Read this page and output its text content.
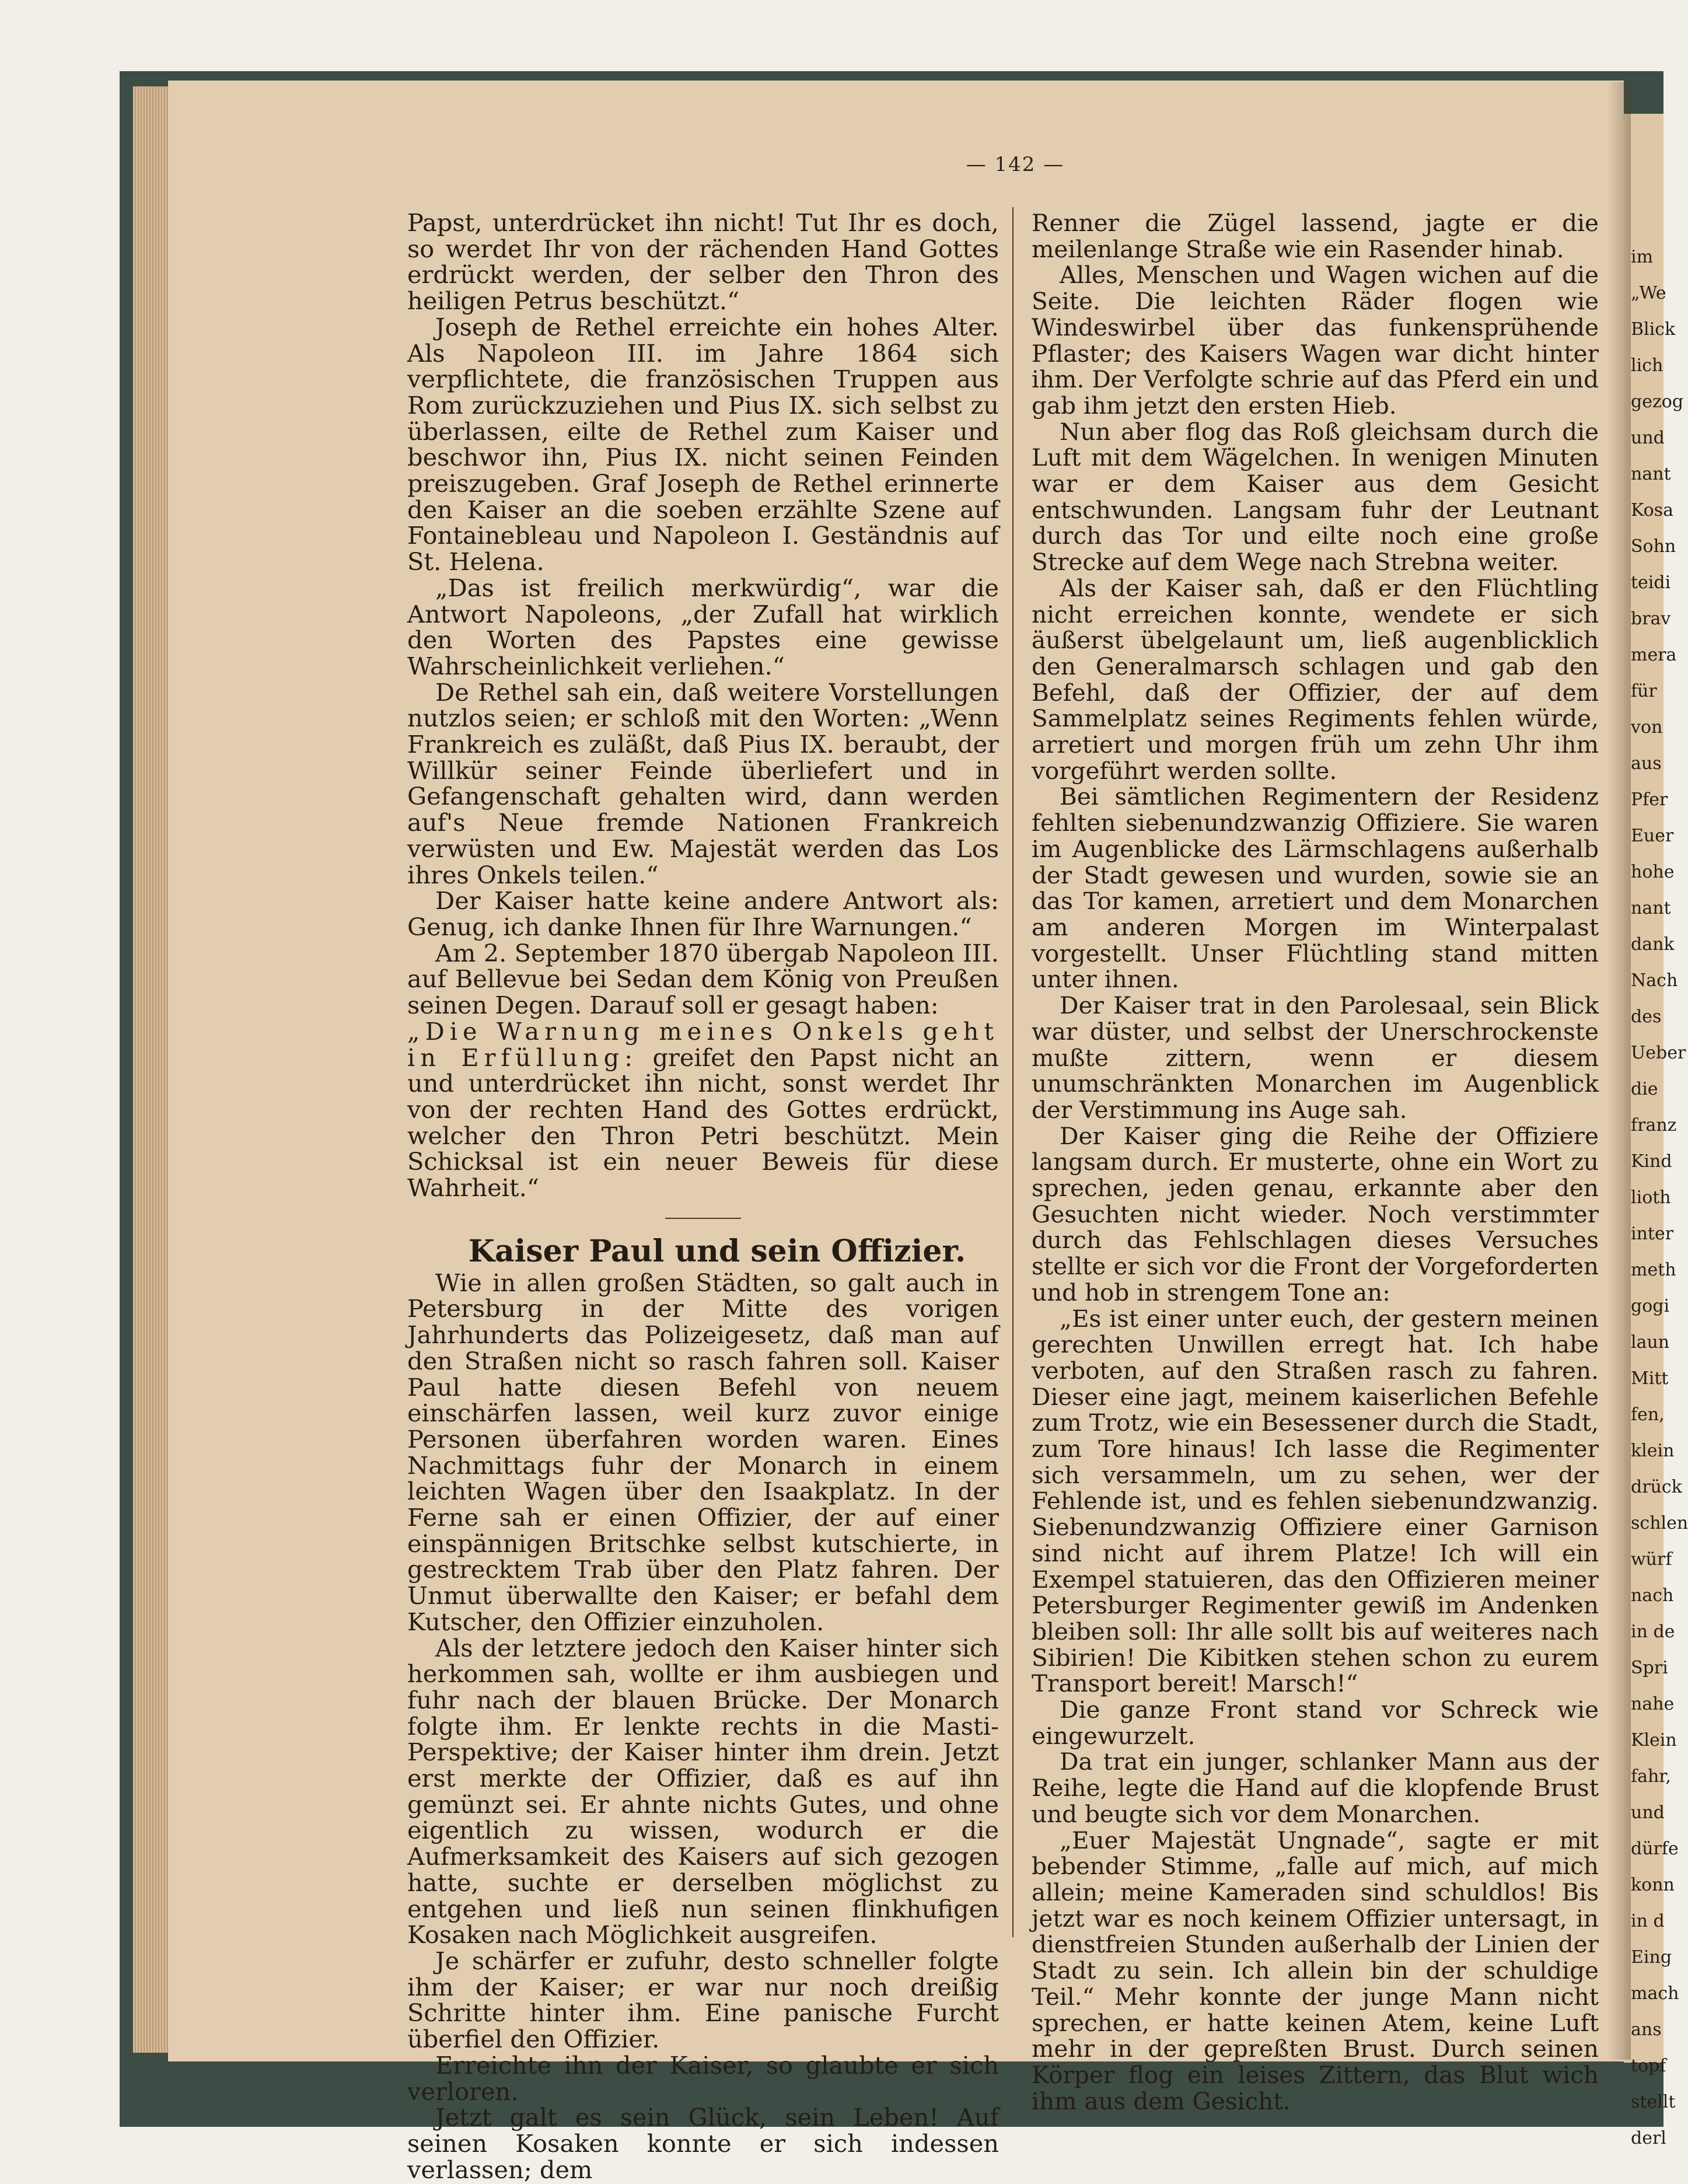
— 142 —

Papst, unterdrücket ihn nicht! Tut Ihr es doch, so werdet Ihr von der rächenden Hand Gottes erdrückt werden, der selber den Thron des heiligen Petrus beschützt.“

Joseph de Rethel erreichte ein hohes Alter. Als Napoleon III. im Jahre 1864 sich verpflichtete, die französischen Truppen aus Rom zurückzuziehen und Pius IX. sich selbst zu überlassen, eilte de Rethel zum Kaiser und beschwor ihn, Pius IX. nicht seinen Feinden preiszugeben. Graf Joseph de Rethel erinnerte den Kaiser an die soeben erzählte Szene auf Fontainebleau und Napoleon I. Geständnis auf St. Helena.

„Das ist freilich merkwürdig“, war die Antwort Napoleons, „der Zufall hat wirklich den Worten des Papstes eine gewisse Wahrscheinlichkeit verliehen.“

De Rethel sah ein, daß weitere Vorstellungen nutzlos seien; er schloß mit den Worten: „Wenn Frankreich es zuläßt, daß Pius IX. beraubt, der Willkür seiner Feinde überliefert und in Gefangenschaft gehalten wird, dann werden auf's Neue fremde Nationen Frankreich verwüsten und Ew. Majestät werden das Los ihres Onkels teilen.“

Der Kaiser hatte keine andere Antwort als: Genug, ich danke Ihnen für Ihre Warnungen.“

Am 2. September 1870 übergab Napoleon III. auf Bellevue bei Sedan dem König von Preußen seinen Degen. Darauf soll er gesagt haben:

„Die Warnung meines Onkels geht in Erfüllung: greifet den Papst nicht an und unterdrücket ihn nicht, sonst werdet Ihr von der rechten Hand des Gottes erdrückt, welcher den Thron Petri beschützt. Mein Schicksal ist ein neuer Beweis für diese Wahrheit.“

Kaiser Paul und sein Offizier.

Wie in allen großen Städten, so galt auch in Petersburg in der Mitte des vorigen Jahrhunderts das Polizeigesetz, daß man auf den Straßen nicht so rasch fahren soll. Kaiser Paul hatte diesen Befehl von neuem einschärfen lassen, weil kurz zuvor einige Personen überfahren worden waren. Eines Nachmittags fuhr der Monarch in einem leichten Wagen über den Isaakplatz. In der Ferne sah er einen Offizier, der auf einer einspännigen Britschke selbst kutschierte, in gestrecktem Trab über den Platz fahren. Der Unmut überwallte den Kaiser; er befahl dem Kutscher, den Offizier einzuholen.

Als der letztere jedoch den Kaiser hinter sich herkommen sah, wollte er ihm ausbiegen und fuhr nach der blauen Brücke. Der Monarch folgte ihm. Er lenkte rechts in die Masti-Perspektive; der Kaiser hinter ihm drein. Jetzt erst merkte der Offizier, daß es auf ihn gemünzt sei. Er ahnte nichts Gutes, und ohne eigentlich zu wissen, wodurch er die Aufmerksamkeit des Kaisers auf sich gezogen hatte, suchte er derselben möglichst zu entgehen und ließ nun seinen flinkhufigen Kosaken nach Möglichkeit ausgreifen.

Je schärfer er zufuhr, desto schneller folgte ihm der Kaiser; er war nur noch dreißig Schritte hinter ihm. Eine panische Furcht überfiel den Offizier.

Erreichte ihn der Kaiser, so glaubte er sich verloren.

Jetzt galt es sein Glück, sein Leben! Auf seinen Kosaken konnte er sich indessen verlassen; dem

Renner die Zügel lassend, jagte er die meilenlange Straße wie ein Rasender hinab.

Alles, Menschen und Wagen wichen auf die Seite. Die leichten Räder flogen wie Windeswirbel über das funkensprühende Pflaster; des Kaisers Wagen war dicht hinter ihm. Der Verfolgte schrie auf das Pferd ein und gab ihm jetzt den ersten Hieb.

Nun aber flog das Roß gleichsam durch die Luft mit dem Wägelchen. In wenigen Minuten war er dem Kaiser aus dem Gesicht entschwunden. Langsam fuhr der Leutnant durch das Tor und eilte noch eine große Strecke auf dem Wege nach Strebna weiter.

Als der Kaiser sah, daß er den Flüchtling nicht erreichen konnte, wendete er sich äußerst übelgelaunt um, ließ augenblicklich den Generalmarsch schlagen und gab den Befehl, daß der Offizier, der auf dem Sammelplatz seines Regiments fehlen würde, arretiert und morgen früh um zehn Uhr ihm vorgeführt werden sollte.

Bei sämtlichen Regimentern der Residenz fehlten siebenundzwanzig Offiziere. Sie waren im Augenblicke des Lärmschlagens außerhalb der Stadt gewesen und wurden, sowie sie an das Tor kamen, arretiert und dem Monarchen am anderen Morgen im Winterpalast vorgestellt. Unser Flüchtling stand mitten unter ihnen.

Der Kaiser trat in den Parolesaal, sein Blick war düster, und selbst der Unerschrockenste mußte zittern, wenn er diesem unumschränkten Monarchen im Augenblick der Verstimmung ins Auge sah.

Der Kaiser ging die Reihe der Offiziere langsam durch. Er musterte, ohne ein Wort zu sprechen, jeden genau, erkannte aber den Gesuchten nicht wieder. Noch verstimmter durch das Fehlschlagen dieses Versuches stellte er sich vor die Front der Vorgeforderten und hob in strengem Tone an:

„Es ist einer unter euch, der gestern meinen gerechten Unwillen erregt hat. Ich habe verboten, auf den Straßen rasch zu fahren. Dieser eine jagt, meinem kaiserlichen Befehle zum Trotz, wie ein Besessener durch die Stadt, zum Tore hinaus! Ich lasse die Regimenter sich versammeln, um zu sehen, wer der Fehlende ist, und es fehlen siebenundzwanzig. Siebenundzwanzig Offiziere einer Garnison sind nicht auf ihrem Platze! Ich will ein Exempel statuieren, das den Offizieren meiner Petersburger Regimenter gewiß im Andenken bleiben soll: Ihr alle sollt bis auf weiteres nach Sibirien! Die Kibitken stehen schon zu eurem Transport bereit! Marsch!“

Die ganze Front stand vor Schreck wie eingewurzelt.

Da trat ein junger, schlanker Mann aus der Reihe, legte die Hand auf die klopfende Brust und beugte sich vor dem Monarchen.

„Euer Majestät Ungnade“, sagte er mit bebender Stimme, „falle auf mich, auf mich allein; meine Kameraden sind schuldlos! Bis jetzt war es noch keinem Offizier untersagt, in dienstfreien Stunden außerhalb der Linien der Stadt zu sein. Ich allein bin der schuldige Teil.“ Mehr konnte der junge Mann nicht sprechen, er hatte keinen Atem, keine Luft mehr in der gepreßten Brust. Durch seinen Körper flog ein leises Zittern, das Blut wich ihm aus dem Gesicht.

im
„We
Blick
lich
gezog
und
nant
Kosa
Sohn
teidi
brav
mera
für
von
aus
Pfer
Euer
hohe
nant
dank
Nach
des
Ueber
die
franz
Kind
lioth
inter
meth
gogi
laun
Mitt
fen,
klein
drück
schlen
würf
nach
in de
Spri
nahe
Klein
fahr,
und
dürfe
konn
in d
Eing
mach
ans
topf
stellt
derl
